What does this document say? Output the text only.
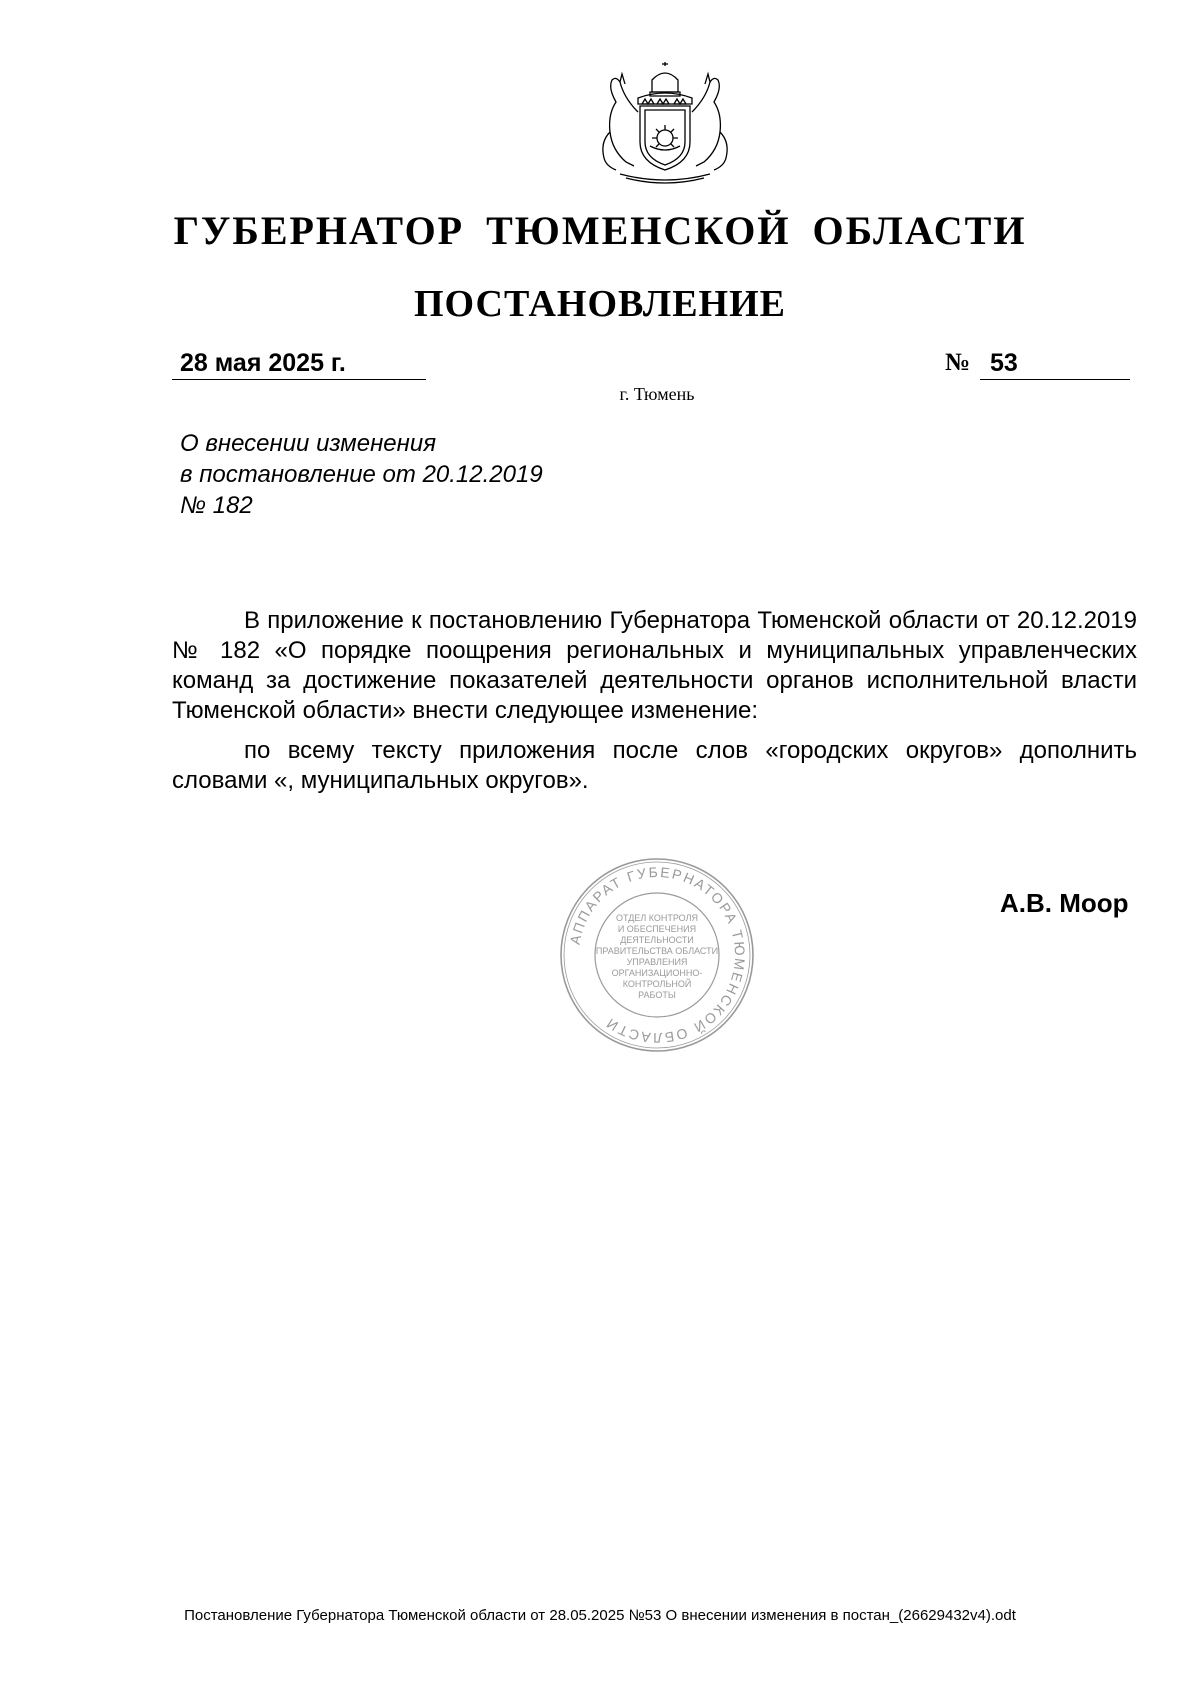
ГУБЕРНАТОР ТЮМЕНСКОЙ ОБЛАСТИ
ПОСТАНОВЛЕНИЕ
28 мая 2025 г.	№ 53
г. Тюмень
О внесении изменения
в постановление от 20.12.2019
№ 182

В приложение к постановлению Губернатора Тюменской области от 20.12.2019 № 182 «О порядке поощрения региональных и муниципальных управленческих команд за достижение показателей деятельности органов исполнительной власти Тюменской области» внести следующее изменение:

по всему тексту приложения после слов «городских округов» дополнить словами «, муниципальных округов».

АППАРАТ ГУБЕРНАТОРА ТЮМЕНСКОЙ ОБЛАСТИ
ОТДЕЛ КОНТРОЛЯ
И ОБЕСПЕЧЕНИЯ
ДЕЯТЕЛЬНОСТИ
ПРАВИТЕЛЬСТВА ОБЛАСТИ
УПРАВЛЕНИЯ
ОРГАНИЗАЦИОННО-
КОНТРОЛЬНОЙ
РАБОТЫ
А.В. Моор
Постановление Губернатора Тюменской области от 28.05.2025 №53 О внесении изменения в постан_(26629432v4).odt
